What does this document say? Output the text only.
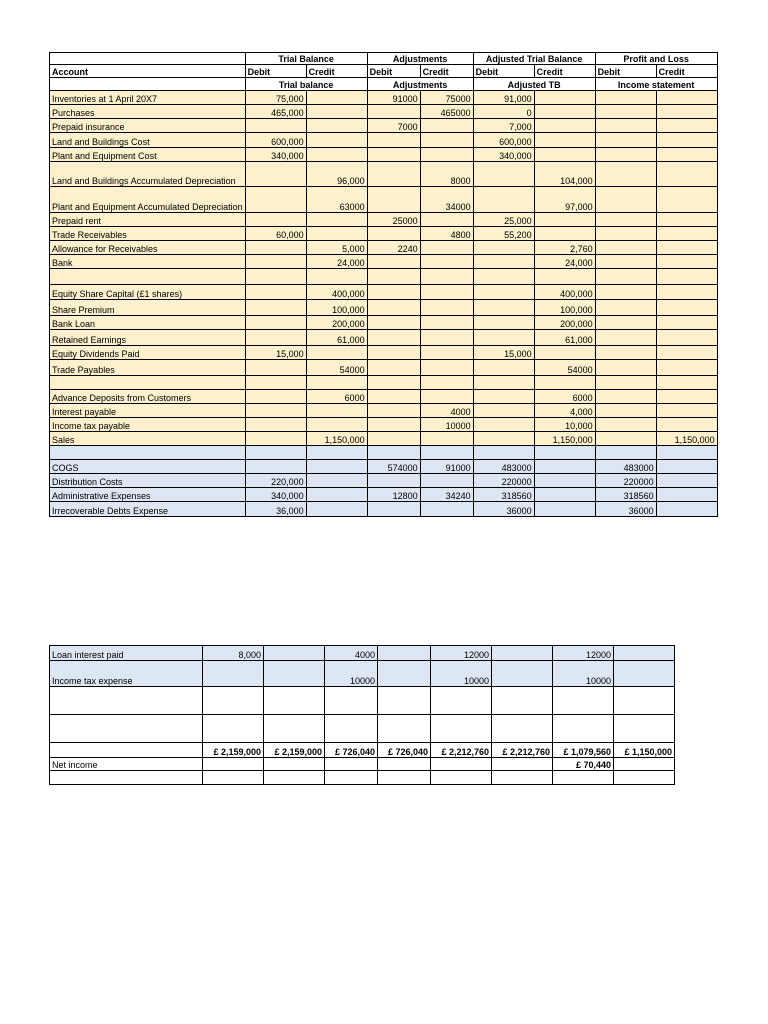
	Trial Balance		Adjustments		Adjusted Trial Balance		Profit and Loss	
Account	Debit	Credit	Debit	Credit	Debit	Credit	Debit	Credit
	Trial balance		Adjustments		Adjusted TB		Income statement	
Inventories at 1 April 20X7	75,000		91000	75000	91,000			
Purchases	465,000			465000	0			
Prepaid insurance			7000		7,000			
Land and Buildings Cost	600,000				600,000			
Plant and Equipment Cost	340,000				340,000			
Land and Buildings Accumulated Depreciation		96,000		8000		104,000		
Plant and Equipment Accumulated Depreciation		63000		34000		97,000		
Prepaid rent			25000		25,000			
Trade Receivables	60,000			4800	55,200			
Allowance for Receivables		5,000	2240			2,760		
Bank		24,000				24,000		

Equity Share Capital (£1 shares)		400,000				400,000		
Share Premium		100,000				100,000		
Bank Loan		200,000				200,000		
Retained Earnings		61,000				61,000		
Equity Dividends Paid	15,000				15,000			
Trade Payables		54000				54000		

Advance Deposits from Customers		6000				6000		
Interest payable				4000		4,000		
Income tax payable				10000		10,000		
Sales		1,150,000				1,150,000		1,150,000

COGS			574000	91000	483000		483000	
Distribution Costs	220,000				220000		220000	
Administrative Expenses	340,000		12800	34240	318560		318560	
Irrecoverable Debts Expense	36,000				36000		36000	
Loan interest paid	8,000		4000		12000		12000	
Income tax expense			10000		10000		10000	

	£ 2,159,000	£ 2,159,000	£ 726,040	£ 726,040	£ 2,212,760	£ 2,212,760	£ 1,079,560	£ 1,150,000
Net income							£ 70,440	
